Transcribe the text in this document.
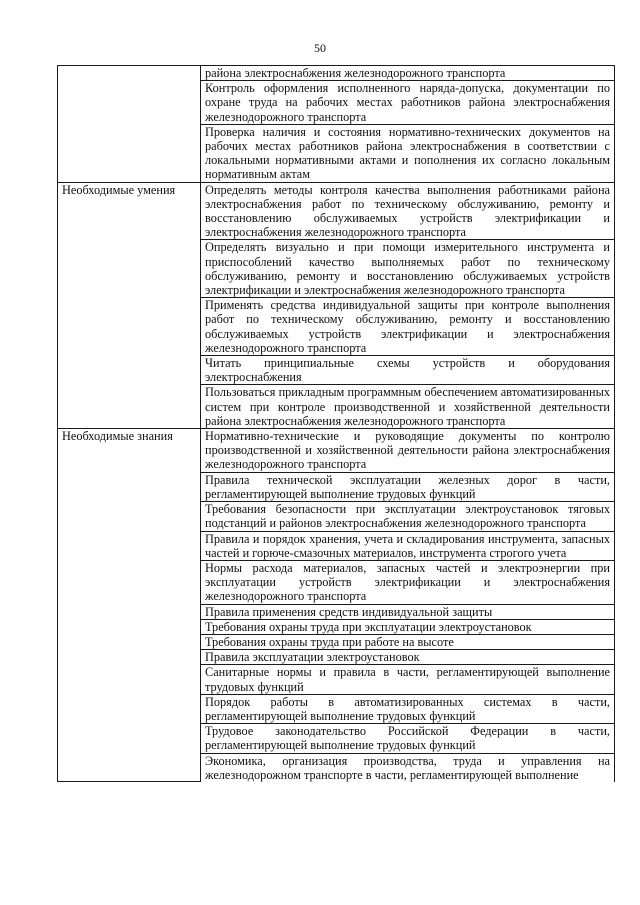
50
	района электроснабжения железнодорожного транспорта
	Контроль оформления исполненного наряда-допуска, документации по охране труда на рабочих местах работников района электроснабжения железнодорожного транспорта
	Проверка наличия и состояния нормативно-технических документов на рабочих местах работников района электроснабжения в соответствии с локальными нормативными актами и пополнения их согласно локальным нормативным актам
Необходимые умения	Определять методы контроля качества выполнения работниками района электроснабжения работ по техническому обслуживанию, ремонту и восстановлению обслуживаемых устройств электрификации и электроснабжения железнодорожного транспорта
	Определять визуально и при помощи измерительного инструмента и приспособлений качество выполняемых работ по техническому обслуживанию, ремонту и восстановлению обслуживаемых устройств электрификации и электроснабжения железнодорожного транспорта
	Применять средства индивидуальной защиты при контроле выполнения работ по техническому обслуживанию, ремонту и восстановлению обслуживаемых устройств электрификации и электроснабжения железнодорожного транспорта
	Читать принципиальные схемы устройств и оборудования электроснабжения
	Пользоваться прикладным программным обеспечением автоматизированных систем при контроле производственной и хозяйственной деятельности района электроснабжения железнодорожного транспорта
Необходимые знания	Нормативно-технические и руководящие документы по контролю производственной и хозяйственной деятельности района электроснабжения железнодорожного транспорта
	Правила технической эксплуатации железных дорог в части, регламентирующей выполнение трудовых функций
	Требования безопасности при эксплуатации электроустановок тяговых подстанций и районов электроснабжения железнодорожного транспорта
	Правила и порядок хранения, учета и складирования инструмента, запасных частей и горюче-смазочных материалов, инструмента строгого учета
	Нормы расхода материалов, запасных частей и электроэнергии при эксплуатации устройств электрификации и электроснабжения железнодорожного транспорта
	Правила применения средств индивидуальной защиты
	Требования охраны труда при эксплуатации электроустановок
	Требования охраны труда при работе на высоте
	Правила эксплуатации электроустановок
	Санитарные нормы и правила в части, регламентирующей выполнение трудовых функций
	Порядок работы в автоматизированных системах в части, регламентирующей выполнение трудовых функций
	Трудовое законодательство Российской Федерации в части, регламентирующей выполнение трудовых функций
	Экономика, организация производства, труда и управления на железнодорожном транспорте в части, регламентирующей выполнение
